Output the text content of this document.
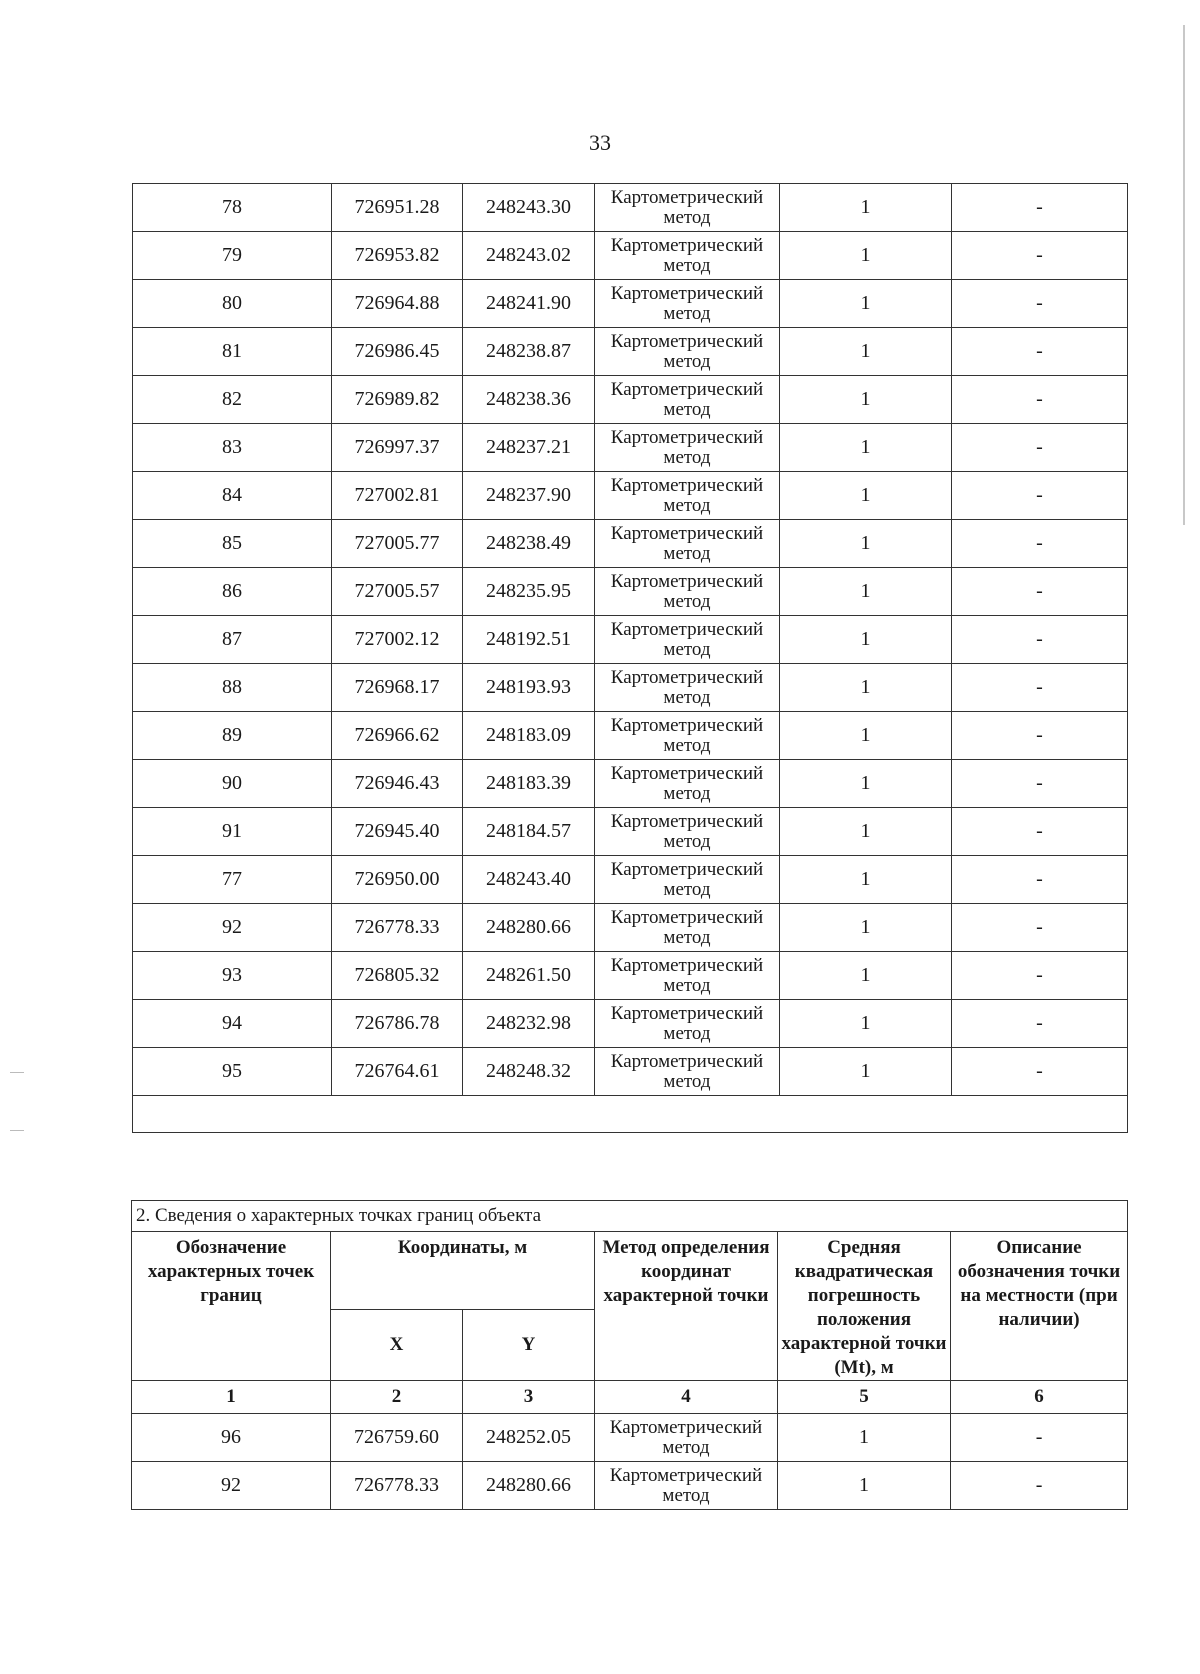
33
78	726951.28	248243.30	Картометрический метод	1	-
79	726953.82	248243.02	Картометрический метод	1	-
80	726964.88	248241.90	Картометрический метод	1	-
81	726986.45	248238.87	Картометрический метод	1	-
82	726989.82	248238.36	Картометрический метод	1	-
83	726997.37	248237.21	Картометрический метод	1	-
84	727002.81	248237.90	Картометрический метод	1	-
85	727005.77	248238.49	Картометрический метод	1	-
86	727005.57	248235.95	Картометрический метод	1	-
87	727002.12	248192.51	Картометрический метод	1	-
88	726968.17	248193.93	Картометрический метод	1	-
89	726966.62	248183.09	Картометрический метод	1	-
90	726946.43	248183.39	Картометрический метод	1	-
91	726945.40	248184.57	Картометрический метод	1	-
77	726950.00	248243.40	Картометрический метод	1	-
92	726778.33	248280.66	Картометрический метод	1	-
93	726805.32	248261.50	Картометрический метод	1	-
94	726786.78	248232.98	Картометрический метод	1	-
95	726764.61	248248.32	Картометрический метод	1	-

2. Сведения о характерных точках границ объекта					
Обозначение характерных точек границ	Координаты, м		Метод определения координат характерной точки	Средняя квадратическая погрешность положения характерной точки (Mt), м	Описание обозначения точки на местности (при наличии)
	X	Y			
1	2	3	4	5	6
96	726759.60	248252.05	Картометрический метод	1	-
92	726778.33	248280.66	Картометрический метод	1	-
